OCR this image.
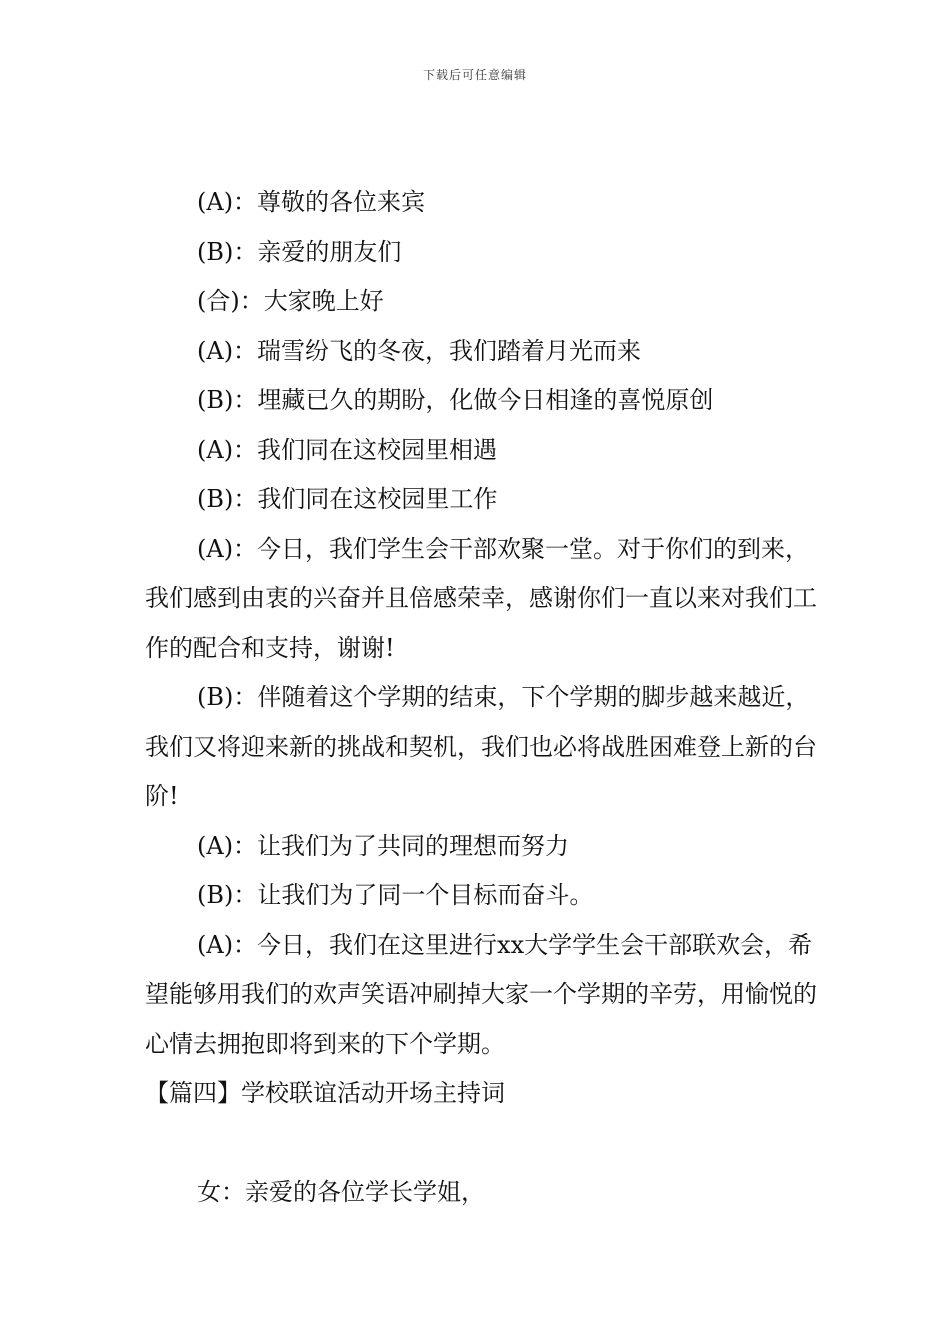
下载后可任意编辑

(A)：尊敬的各位来宾

(B)：亲爱的朋友们

(合)：大家晚上好

(A)：瑞雪纷飞的冬夜，我们踏着月光而来

(B)：埋藏已久的期盼，化做今日相逢的喜悦原创

(A)：我们同在这校园里相遇

(B)：我们同在这校园里工作

(A)：今日，我们学生会干部欢聚一堂。对于你们的到来，我们感到由衷的兴奋并且倍感荣幸，感谢你们一直以来对我们工作的配合和支持，谢谢!

(B)：伴随着这个学期的结束，下个学期的脚步越来越近，我们又将迎来新的挑战和契机，我们也必将战胜困难登上新的台阶!

(A)：让我们为了共同的理想而努力

(B)：让我们为了同一个目标而奋斗。

(A)：今日，我们在这里进行xx大学学生会干部联欢会，希望能够用我们的欢声笑语冲刷掉大家一个学期的辛劳，用愉悦的心情去拥抱即将到来的下个学期。

【篇四】学校联谊活动开场主持词

女：亲爱的各位学长学姐，
